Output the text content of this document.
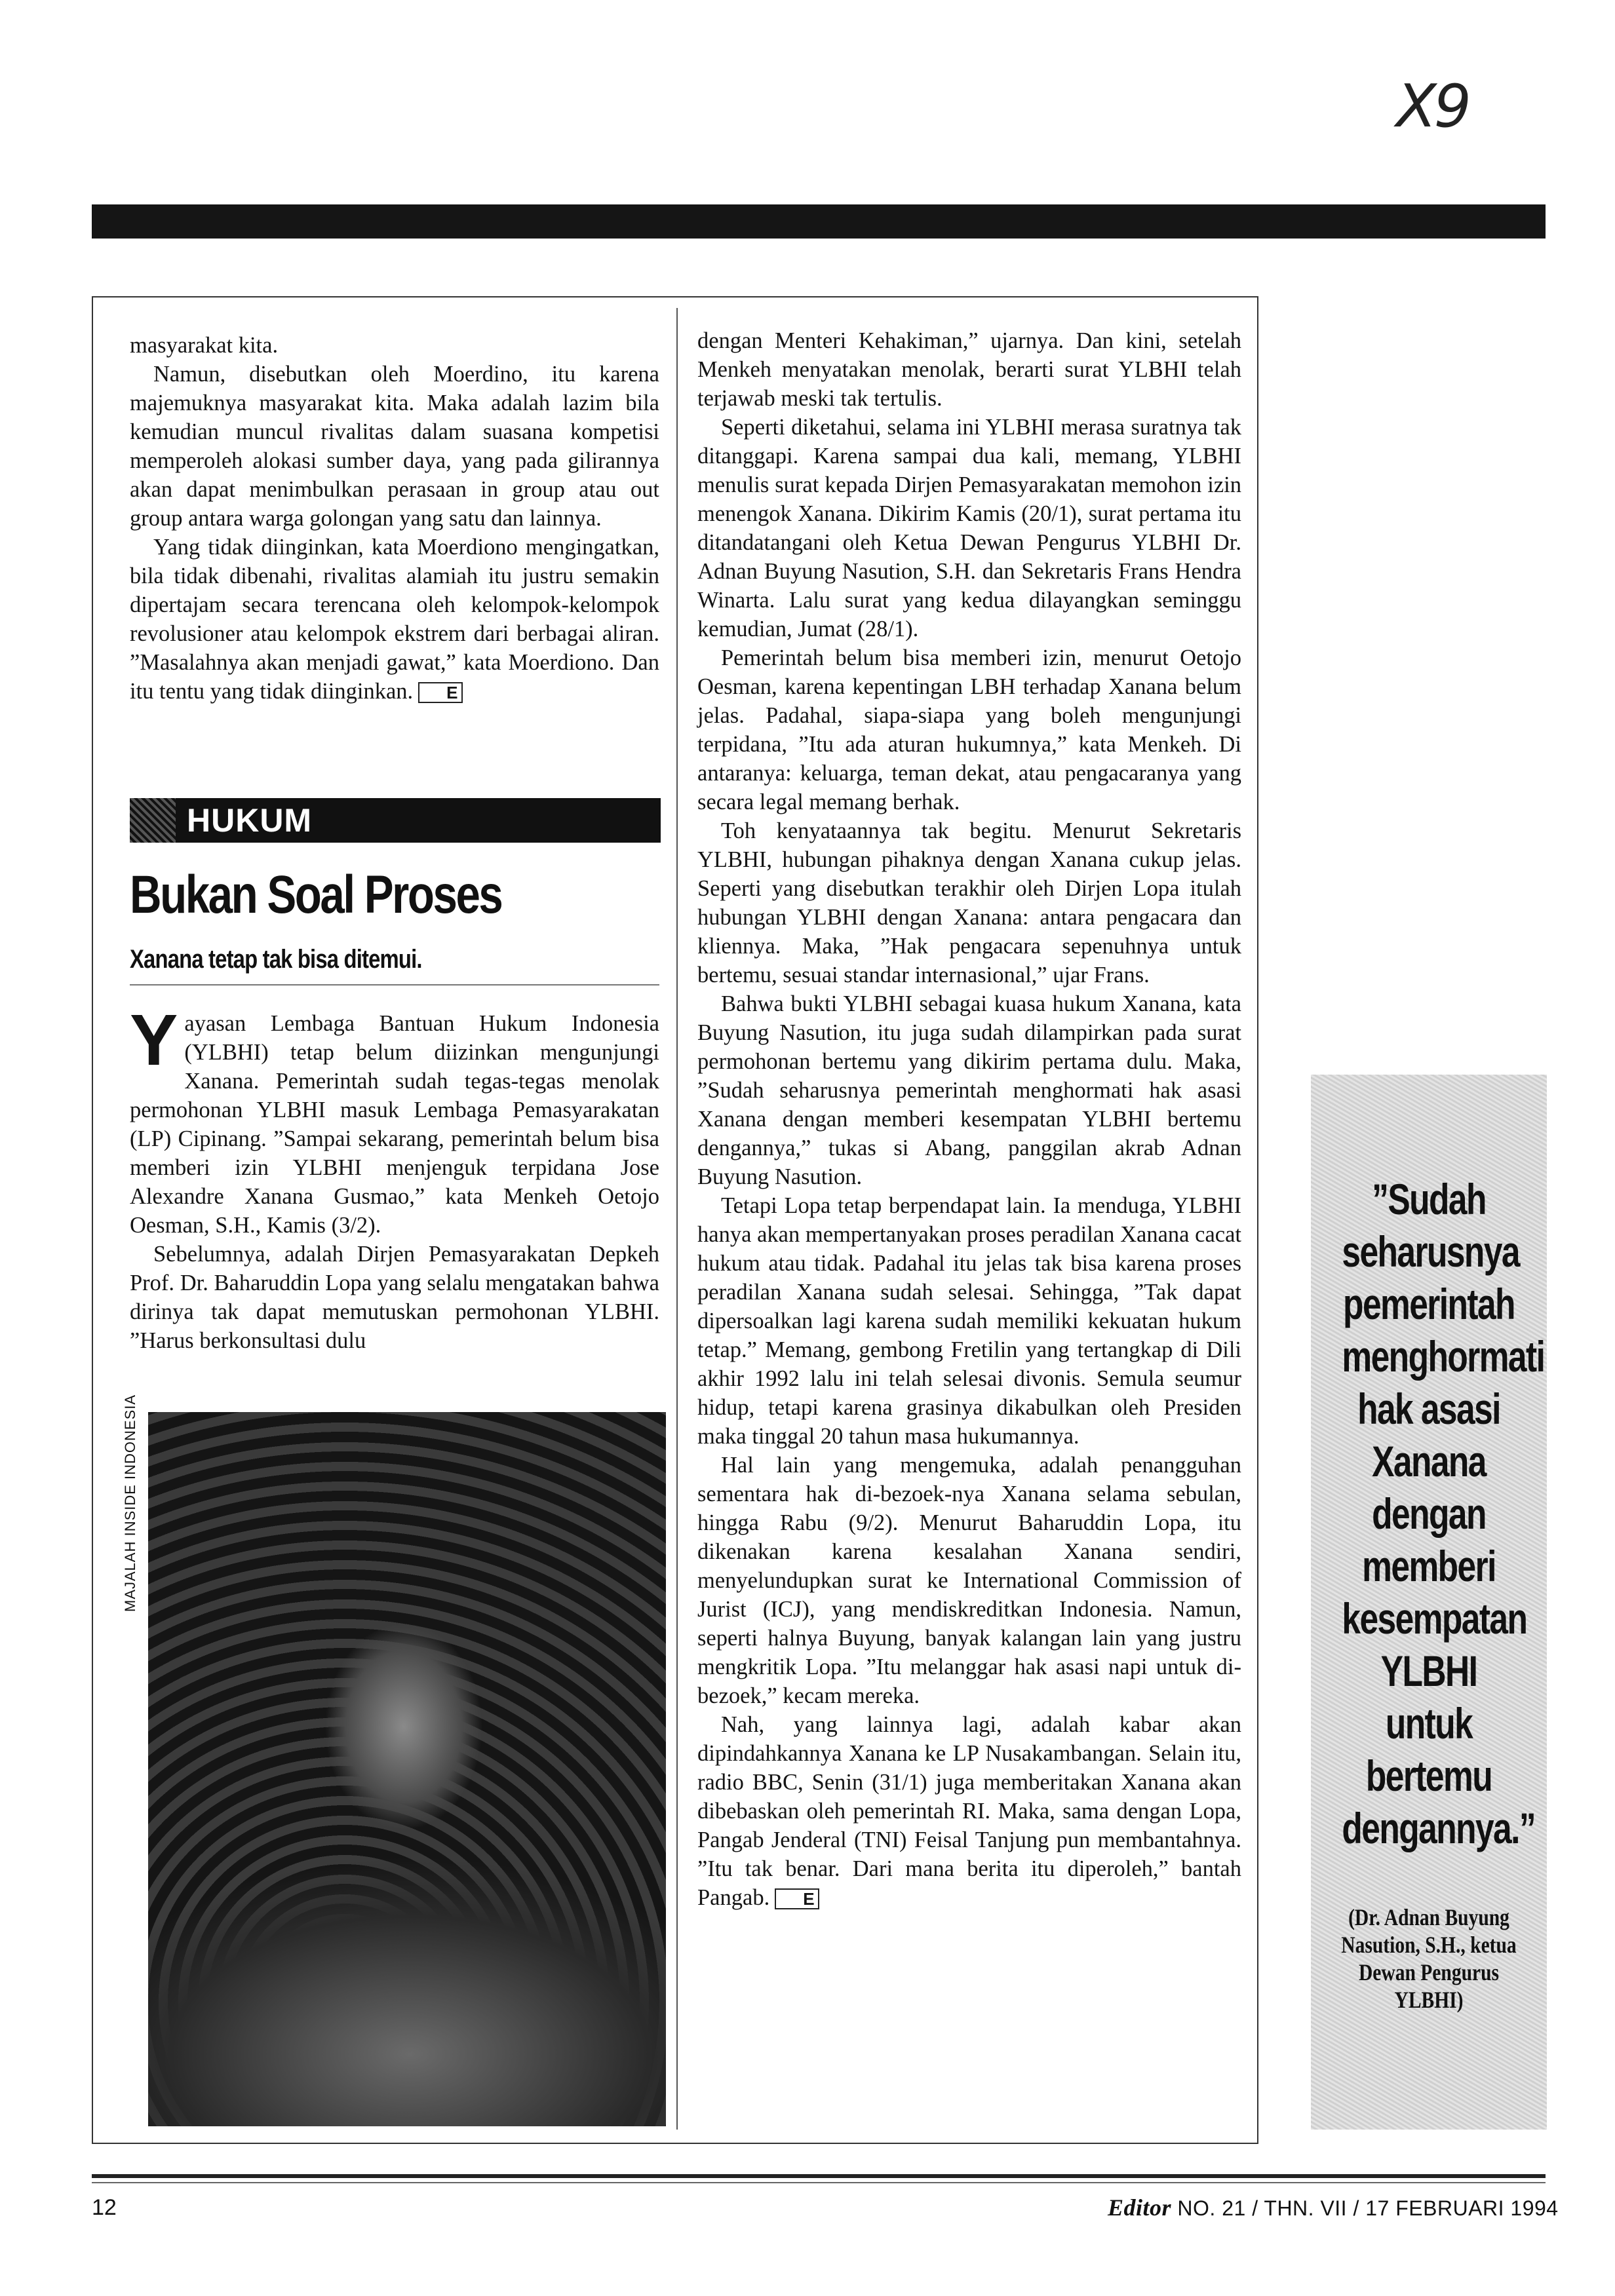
X9

masyarakat kita.

Namun, disebutkan oleh Moerdino, itu karena majemuknya masyarakat kita. Maka adalah lazim bila kemudian muncul rivalitas dalam suasana kompetisi memperoleh alokasi sumber daya, yang pada gilirannya akan dapat menimbulkan perasaan in group atau out group antara warga golongan yang satu dan lainnya.

Yang tidak diinginkan, kata Moerdiono mengingatkan, bila tidak dibenahi, rivalitas alamiah itu justru semakin dipertajam secara terencana oleh kelompok-kelompok revolusioner atau kelompok ekstrem dari berbagai aliran. ”Masalahnya akan menjadi gawat,” kata Moerdiono. Dan itu tentu yang tidak diinginkan. E

HUKUM
Bukan Soal Proses
Xanana tetap tak bisa ditemui.

Yayasan Lembaga Bantuan Hukum Indonesia (YLBHI) tetap belum diizinkan mengunjungi Xanana. Pemerintah sudah tegas-tegas menolak permohonan YLBHI masuk Lembaga Pemasyarakatan (LP) Cipinang. ”Sampai sekarang, pemerintah belum bisa memberi izin YLBHI menjenguk terpidana Jose Alexandre Xanana Gusmao,” kata Menkeh Oetojo Oesman, S.H., Kamis (3/2).

Sebelumnya, adalah Dirjen Pemasyarakatan Depkeh Prof. Dr. Baharuddin Lopa yang selalu mengatakan bahwa dirinya tak dapat memutuskan permohonan YLBHI. ”Harus berkonsultasi dulu

MAJALAH INSIDE INDONESIA

dengan Menteri Kehakiman,” ujarnya. Dan kini, setelah Menkeh menyatakan menolak, berarti surat YLBHI telah terjawab meski tak tertulis.

Seperti diketahui, selama ini YLBHI merasa suratnya tak ditanggapi. Karena sampai dua kali, memang, YLBHI menulis surat kepada Dirjen Pemasyarakatan memohon izin menengok Xanana. Dikirim Kamis (20/1), surat pertama itu ditandatangani oleh Ketua Dewan Pengurus YLBHI Dr. Adnan Buyung Nasution, S.H. dan Sekretaris Frans Hendra Winarta. Lalu surat yang kedua dilayangkan seminggu kemudian, Jumat (28/1).

Pemerintah belum bisa memberi izin, menurut Oetojo Oesman, karena kepentingan LBH terhadap Xanana belum jelas. Padahal, siapa-siapa yang boleh mengunjungi terpidana, ”Itu ada aturan hukumnya,” kata Menkeh. Di antaranya: keluarga, teman dekat, atau pengacaranya yang secara legal memang berhak.

Toh kenyataannya tak begitu. Menurut Sekretaris YLBHI, hubungan pihaknya dengan Xanana cukup jelas. Seperti yang disebutkan terakhir oleh Dirjen Lopa itulah hubungan YLBHI dengan Xanana: antara pengacara dan kliennya. Maka, ”Hak pengacara sepenuhnya untuk bertemu, sesuai standar internasional,” ujar Frans.

Bahwa bukti YLBHI sebagai kuasa hukum Xanana, kata Buyung Nasution, itu juga sudah dilampirkan pada surat permohonan bertemu yang dikirim pertama dulu. Maka, ”Sudah seharusnya pemerintah menghormati hak asasi Xanana dengan memberi kesempatan YLBHI bertemu dengannya,” tukas si Abang, panggilan akrab Adnan Buyung Nasution.

Tetapi Lopa tetap berpendapat lain. Ia menduga, YLBHI hanya akan mempertanyakan proses peradilan Xanana cacat hukum atau tidak. Padahal itu jelas tak bisa karena proses peradilan Xanana sudah selesai. Sehingga, ”Tak dapat dipersoalkan lagi karena sudah memiliki kekuatan hukum tetap.” Memang, gembong Fretilin yang tertangkap di Dili akhir 1992 lalu ini telah selesai divonis. Semula seumur hidup, tetapi karena grasinya dikabulkan oleh Presiden maka tinggal 20 tahun masa hukumannya.

Hal lain yang mengemuka, adalah penangguhan sementara hak di-bezoek-nya Xanana selama sebulan, hingga Rabu (9/2). Menurut Baharuddin Lopa, itu dikenakan karena kesalahan Xanana sendiri, menyelundupkan surat ke International Commission of Jurist (ICJ), yang mendiskreditkan Indonesia. Namun, seperti halnya Buyung, banyak kalangan lain yang justru mengkritik Lopa. ”Itu melanggar hak asasi napi untuk di-bezoek,” kecam mereka.

Nah, yang lainnya lagi, adalah kabar akan dipindahkannya Xanana ke LP Nusakambangan. Selain itu, radio BBC, Senin (31/1) juga memberitakan Xanana akan dibebaskan oleh pemerintah RI. Maka, sama dengan Lopa, Pangab Jenderal (TNI) Feisal Tanjung pun membantahnya. ”Itu tak benar. Dari mana berita itu diperoleh,” bantah Pangab. E

”Sudah seharusnya pemerintah menghormati hak asasi Xanana dengan memberi kesempatan YLBHI untuk bertemu dengannya.”
(Dr. Adnan Buyung Nasution, S.H., ketua Dewan Pengurus YLBHI)
12	Editor NO. 21 / THN. VII / 17 FEBRUARI 1994
